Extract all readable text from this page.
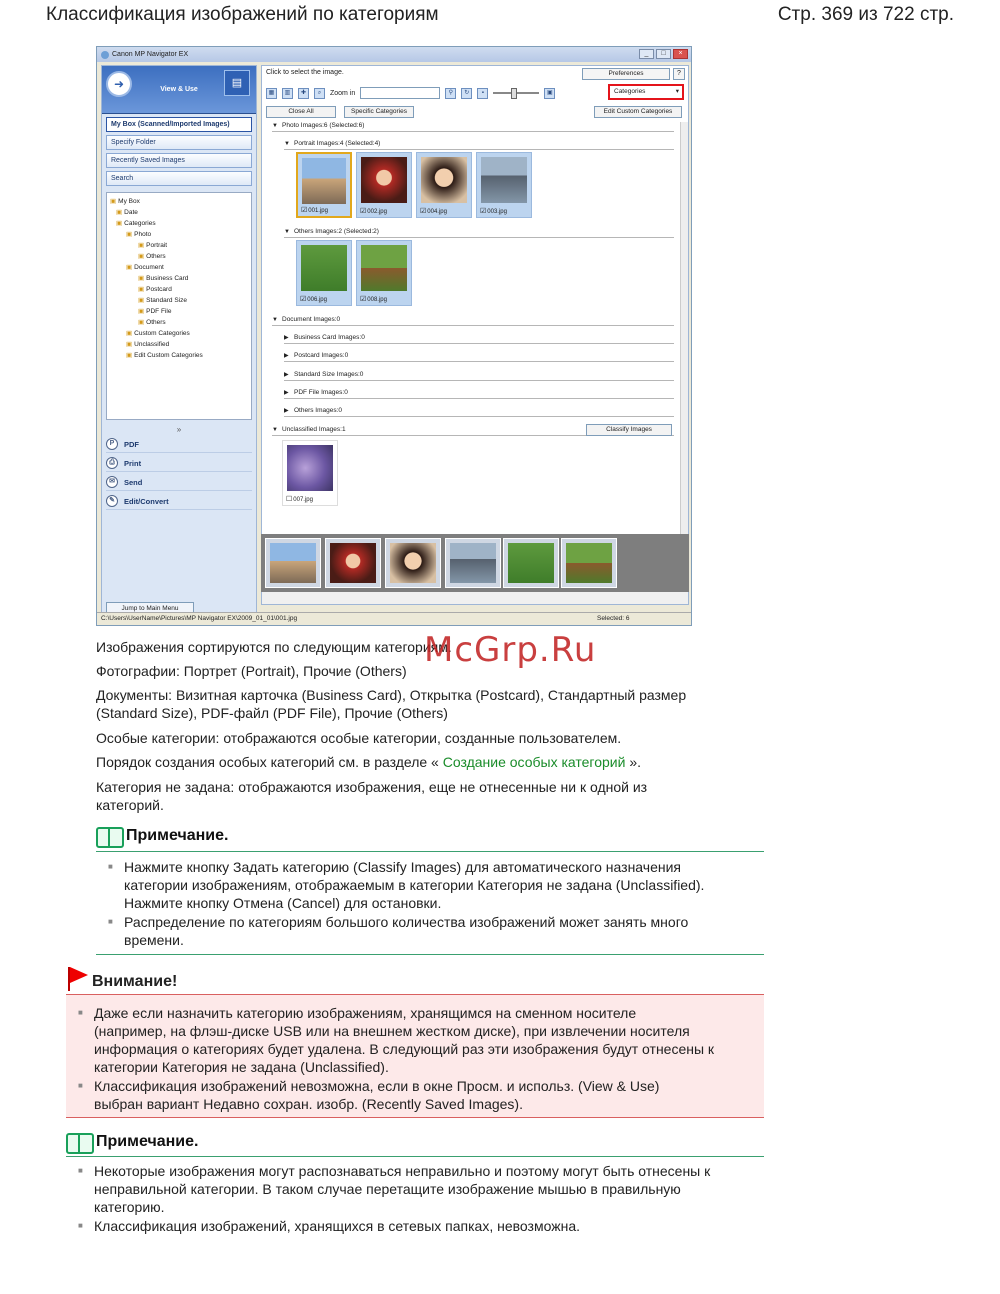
Классификация изображений по категориям	Стр. 369 из 722 стр.
Canon MP Navigator EX	_	□	×
➜	View & Use
▤
My Box (Scanned/Imported Images)
Specify Folder
Recently Saved Images
Search
▣ My Box
▣ Date
▣ Categories
▣ Photo
▣ Portrait
▣ Others
▣ Document
▣ Business Card
▣ Postcard
▣ Standard Size
▣ PDF File
▣ Others
▣ Custom Categories
▣ Unclassified
▣ Edit Custom Categories
»
P	PDF
⎙	Print
✉	Send
✎	Edit/Convert
Jump to Main Menu
Click to select the image.	Preferences	?
▦	▥	✚	⌕	Zoom in	⚲	↻	▪	▣	Categories ▾
Close All	Specific Categories	Edit Custom Categories
▼ Photo Images:6 (Selected:6)
▼ Portrait Images:4 (Selected:4)
☑ 001.jpg	☑ 002.jpg	☑ 004.jpg	☑ 003.jpg
▼ Others Images:2 (Selected:2)
☑ 006.jpg	☑ 008.jpg
▼ Document Images:0
▶ Business Card Images:0
▶ Postcard Images:0
▶ Standard Size Images:0
▶ PDF File Images:0
▶ Others Images:0
▼ Unclassified Images:1	Classify Images
☐ 007.jpg
C:\Users\UserName\Pictures\MP Navigator EX\2009_01_01\001.jpg	Selected: 6
Изображения сортируются по следующим категориям.
McGrp.Ru
Фотографии: Портрет (Portrait), Прочие (Others)
Документы: Визитная карточка (Business Card), Открытка (Postcard), Стандартный размер
(Standard Size), PDF-файл (PDF File), Прочие (Others)
Особые категории: отображаются особые категории, созданные пользователем.
Порядок создания особых категорий см. в разделе « Создание особых категорий ».
Категория не задана: отображаются изображения, еще не отнесенные ни к одной из
категорий.
Примечание.
■ Нажмите кнопку Задать категорию (Classify Images) для автоматического назначения
категории изображениям, отображаемым в категории Категория не задана (Unclassified).
Нажмите кнопку Отмена (Cancel) для остановки.
■ Распределение по категориям большого количества изображений может занять много
времени.
Внимание!
■ Даже если назначить категорию изображениям, хранящимся на сменном носителе
(например, на флэш-диске USB или на внешнем жестком диске), при извлечении носителя
информация о категориях будет удалена. В следующий раз эти изображения будут отнесены к
категории Категория не задана (Unclassified).
■ Классификация изображений невозможна, если в окне Просм. и использ. (View & Use)
выбран вариант Недавно сохран. изобр. (Recently Saved Images).
Примечание.
■ Некоторые изображения могут распознаваться неправильно и поэтому могут быть отнесены к
неправильной категории. В таком случае перетащите изображение мышью в правильную
категорию.
■ Классификация изображений, хранящихся в сетевых папках, невозможна.
